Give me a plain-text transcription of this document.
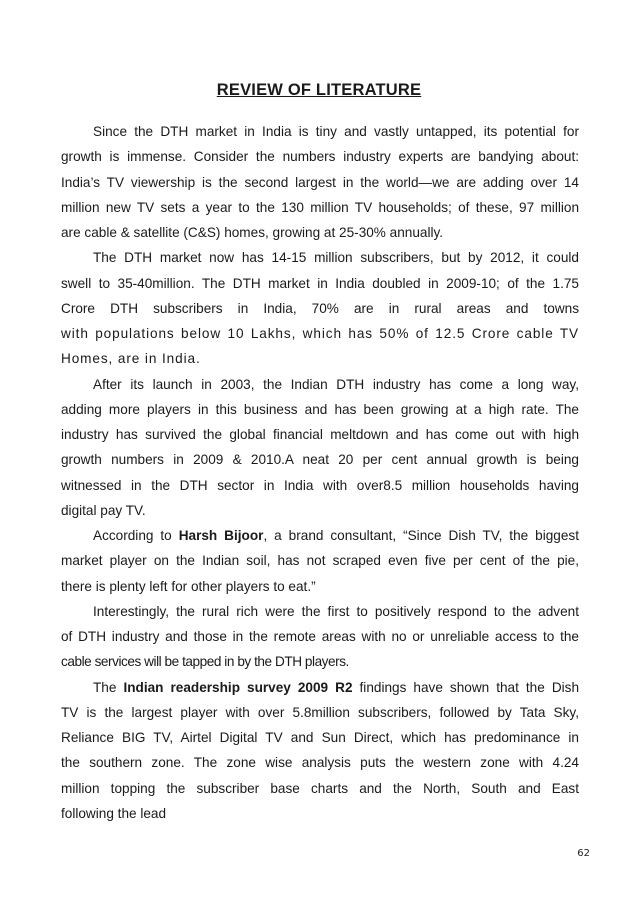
REVIEW OF LITERATURE
Since the DTH market in India is tiny and vastly untapped, its potential for
growth is immense. Consider the numbers industry experts are bandying about:
India’s TV viewership is the second largest in the world—we are adding over 14
million new TV sets a year to the 130 million TV households; of these, 97 million
are cable & satellite (C&S) homes, growing at 25-30% annually.
The DTH market now has 14-15 million subscribers, but by 2012, it could
swell to 35-40million. The DTH market in India doubled in 2009-10; of the 1.75
Crore DTH subscribers in India, 70% are in rural areas and towns
with populations below 10 Lakhs, which has 50% of 12.5 Crore cable TV
Homes, are in India.
After its launch in 2003, the Indian DTH industry has come a long way,
adding more players in this business and has been growing at a high rate. The
industry has survived the global financial meltdown and has come out with high
growth numbers in 2009 & 2010.A neat 20 per cent annual growth is being
witnessed in the DTH sector in India with over8.5 million households having
digital pay TV.
According to Harsh Bijoor, a brand consultant, “Since Dish TV, the biggest
market player on the Indian soil, has not scraped even five per cent of the pie,
there is plenty left for other players to eat.”
Interestingly, the rural rich were the first to positively respond to the advent
of DTH industry and those in the remote areas with no or unreliable access to the
cable services will be tapped in by the DTH players.
The Indian readership survey 2009 R2 findings have shown that the Dish
TV is the largest player with over 5.8million subscribers, followed by Tata Sky,
Reliance BIG TV, Airtel Digital TV and Sun Direct, which has predominance in
the southern zone. The zone wise analysis puts the western zone with 4.24
million topping the subscriber base charts and the North, South and East
following the lead
62
